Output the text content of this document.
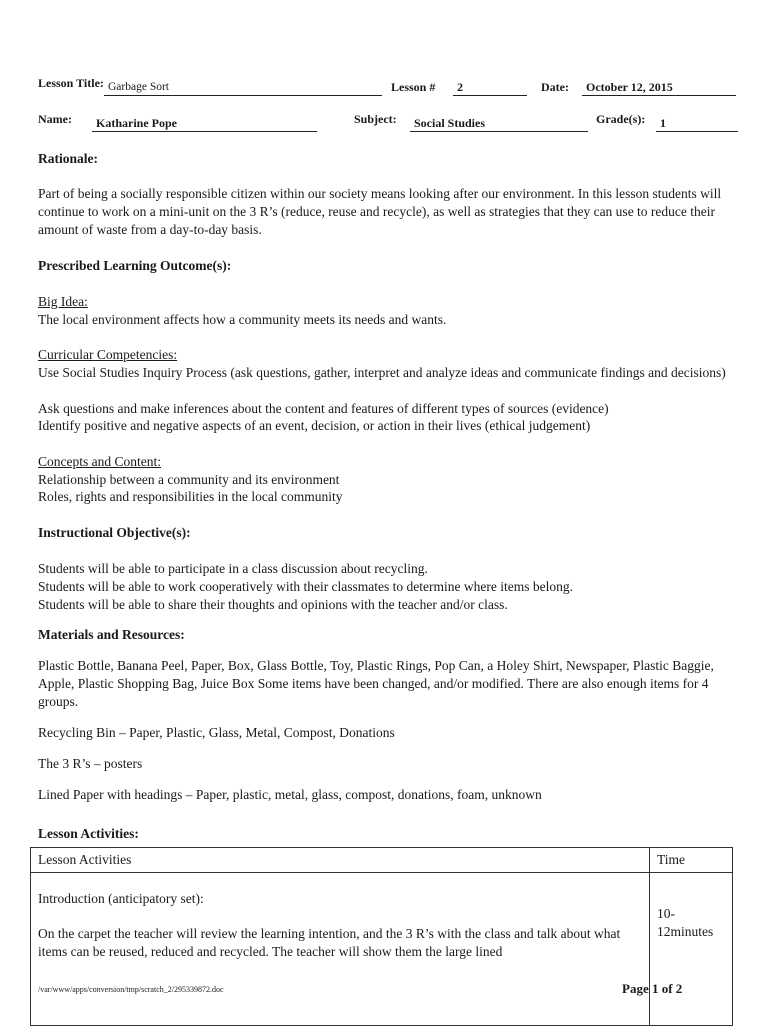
Lesson Title: Garbage Sort	Lesson #	2	Date:	October 12, 2015
Name:	Katharine Pope	Subject:	Social Studies	Grade(s):	1
Rationale:
Part of being a socially responsible citizen within our society means looking after our environment. In this lesson students will continue to work on a mini-unit on the 3 R’s (reduce, reuse and recycle), as well as strategies that they can use to reduce their amount of waste from a day-to-day basis.
Prescribed Learning Outcome(s):
Big Idea:
The local environment affects how a community meets its needs and wants.
Curricular Competencies:
Use Social Studies Inquiry Process (ask questions, gather, interpret and analyze ideas and communicate findings and decisions)
Ask questions and make inferences about the content and features of different types of sources (evidence)
Identify positive and negative aspects of an event, decision, or action in their lives (ethical judgement)
Concepts and Content:
Relationship between a community and its environment
Roles, rights and responsibilities in the local community
Instructional Objective(s):
Students will be able to participate in a class discussion about recycling.
Students will be able to work cooperatively with their classmates to determine where items belong.
Students will be able to share their thoughts and opinions with the teacher and/or class.
Materials and Resources:
Plastic Bottle, Banana Peel, Paper, Box, Glass Bottle, Toy, Plastic Rings, Pop Can, a Holey Shirt, Newspaper, Plastic Baggie, Apple, Plastic Shopping Bag, Juice Box Some items have been changed, and/or modified. There are also enough items for 4 groups.
Recycling Bin – Paper, Plastic, Glass, Metal, Compost, Donations
The 3 R’s – posters
Lined Paper with headings – Paper, plastic, metal, glass, compost, donations, foam, unknown
Lesson Activities:
Lesson Activities	Time

Introduction (anticipatory set):
On the carpet the teacher will review the learning intention, and the 3 R’s with the class and talk about what items can be reused, reduced and recycled. The teacher will show them the large lined	10-12minutes
/var/www/apps/conversion/tmp/scratch_2/295339872.doc	Page 1 of 2
